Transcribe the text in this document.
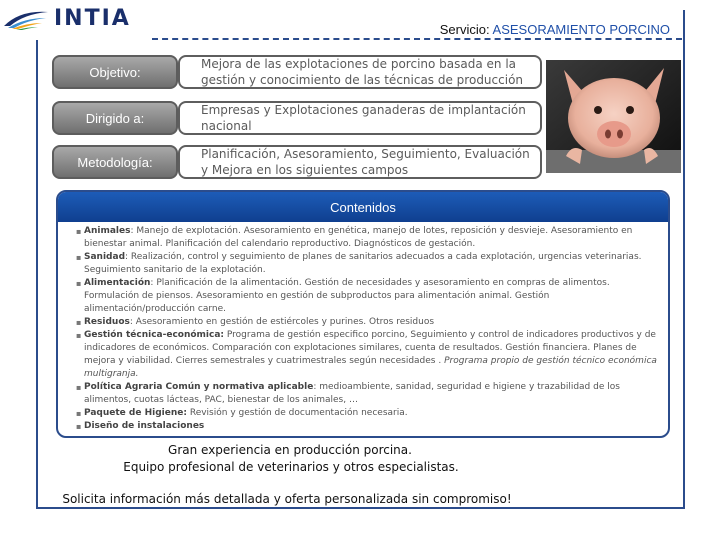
INTIA	Servicio: ASESORAMIENTO PORCINO
Objetivo:
Mejora de las explotaciones de porcino basada en la gestión y conocimiento de las técnicas de producción
Dirigido a:
Empresas y Explotaciones ganaderas de implantación nacional
Metodología:
Planificación, Asesoramiento, Seguimiento, Evaluación y Mejora en los siguientes campos
Contenidos
▪ Animales: Manejo de explotación. Asesoramiento en genética, manejo de lotes, reposición y desvieje. Asesoramiento en bienestar animal. Planificación del calendario reproductivo. Diagnósticos de gestación.
▪ Sanidad: Realización, control y seguimiento de planes de sanitarios adecuados a cada explotación, urgencias veterinarias. Seguimiento sanitario de la explotación.
▪ Alimentación: Planificación de la alimentación. Gestión de necesidades y asesoramiento en compras de alimentos. Formulación de piensos. Asesoramiento en gestión de subproductos para alimentación animal. Gestión alimentación/producción carne.
▪ Residuos: Asesoramiento en gestión de estiércoles y purines. Otros residuos
▪ Gestión técnica-económica: Programa de gestión especifico porcino, Seguimiento y control de indicadores productivos y de indicadores de económicos. Comparación con explotaciones similares, cuenta de resultados. Gestión financiera. Planes de mejora y viabilidad. Cierres semestrales y cuatrimestrales según necesidades . Programa propio de gestión técnico económica multigranja.
▪ Política Agraria Común y normativa aplicable: medioambiente, sanidad, seguridad e higiene y trazabilidad de los alimentos, cuotas lácteas, PAC, bienestar de los animales, …
▪ Paquete de Higiene: Revisión y gestión de documentación necesaria.
▪ Diseño de instalaciones
Gran experiencia en producción porcina.
Equipo profesional de veterinarios y otros especialistas.
Solicita información más detallada y oferta personalizada sin compromiso!
